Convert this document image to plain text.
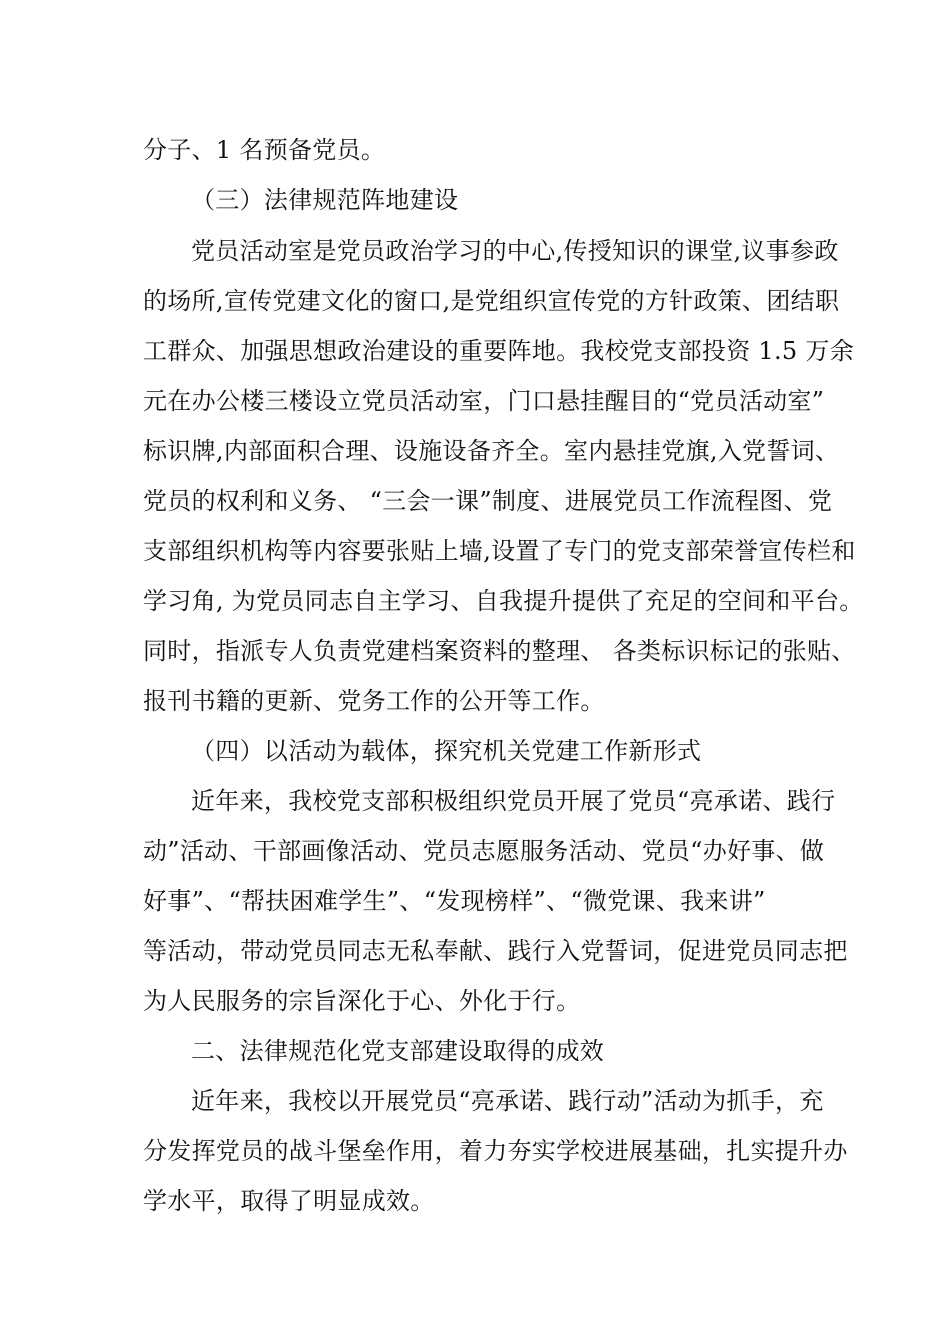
分子、1 名预备党员。
（三）法律规范阵地建设
党员活动室是党员政治学习的中心,传授知识的课堂,议事参政
的场所,宣传党建文化的窗口,是党组织宣传党的方针政策、团结职
工群众、加强思想政治建设的重要阵地。我校党支部投资 1.5 万余
元在办公楼三楼设立党员活动室，门口悬挂醒目的“党员活动室”
标识牌,内部面积合理、设施设备齐全。室内悬挂党旗,入党誓词、
党员的权利和义务、 “三会一课”制度、进展党员工作流程图、党
支部组织机构等内容要张贴上墙,设置了专门的党支部荣誉宣传栏和
学习角, 为党员同志自主学习、自我提升提供了充足的空间和平台。
同时，指派专人负责党建档案资料的整理、 各类标识标记的张贴、
报刊书籍的更新、党务工作的公开等工作。
（四）以活动为载体，探究机关党建工作新形式
近年来，我校党支部积极组织党员开展了党员“亮承诺、践行
动”活动、干部画像活动、党员志愿服务活动、党员“办好事、做
好事”、“帮扶困难学生”、“发现榜样”、“微党课、我来讲”
等活动，带动党员同志无私奉献、践行入党誓词，促进党员同志把
为人民服务的宗旨深化于心、外化于行。
二、法律规范化党支部建设取得的成效
近年来，我校以开展党员“亮承诺、践行动”活动为抓手，充
分发挥党员的战斗堡垒作用，着力夯实学校进展基础，扎实提升办
学水平，取得了明显成效。
